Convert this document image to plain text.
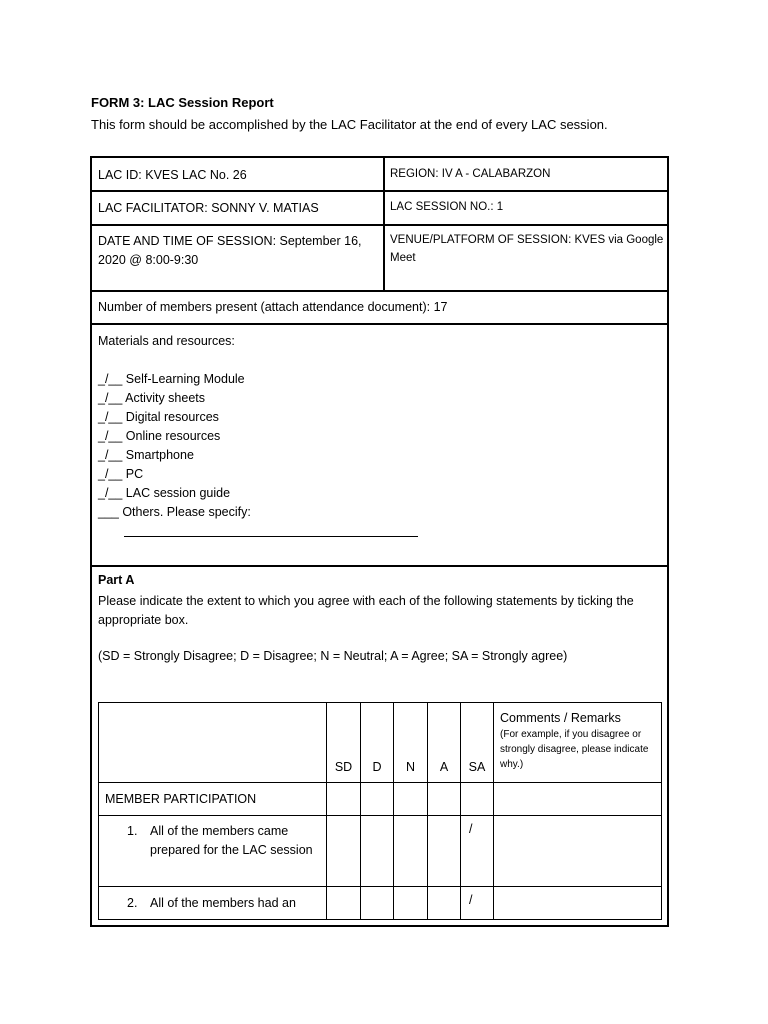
FORM 3: LAC Session Report
This form should be accomplished by the LAC Facilitator at the end of every LAC session.
LAC ID: KVES LAC No. 26	REGION: IV A - CALABARZON
LAC FACILITATOR: SONNY V. MATIAS	LAC SESSION NO.: 1
DATE AND TIME OF SESSION: September 16, 2020 @ 8:00-9:30
VENUE/PLATFORM OF SESSION: KVES via Google Meet
Number of members present (attach attendance document): 17
Materials and resources:
_/__ Self-Learning Module
_/__ Activity sheets
_/__ Digital resources
_/__ Online resources
_/__ Smartphone
_/__ PC
_/__ LAC session guide
___ Others. Please specify:
Part A
Please indicate the extent to which you agree with each of the following statements by ticking the appropriate box.
(SD = Strongly Disagree; D = Disagree; N = Neutral; A = Agree; SA = Strongly agree)
	SD	D	N	A	SA	Comments / Remarks
(For example, if you disagree or strongly disagree, please indicate why.)

MEMBER PARTICIPATION						

1. All of the members came prepared for the LAC session					/	

2. All of the members had an					/	
